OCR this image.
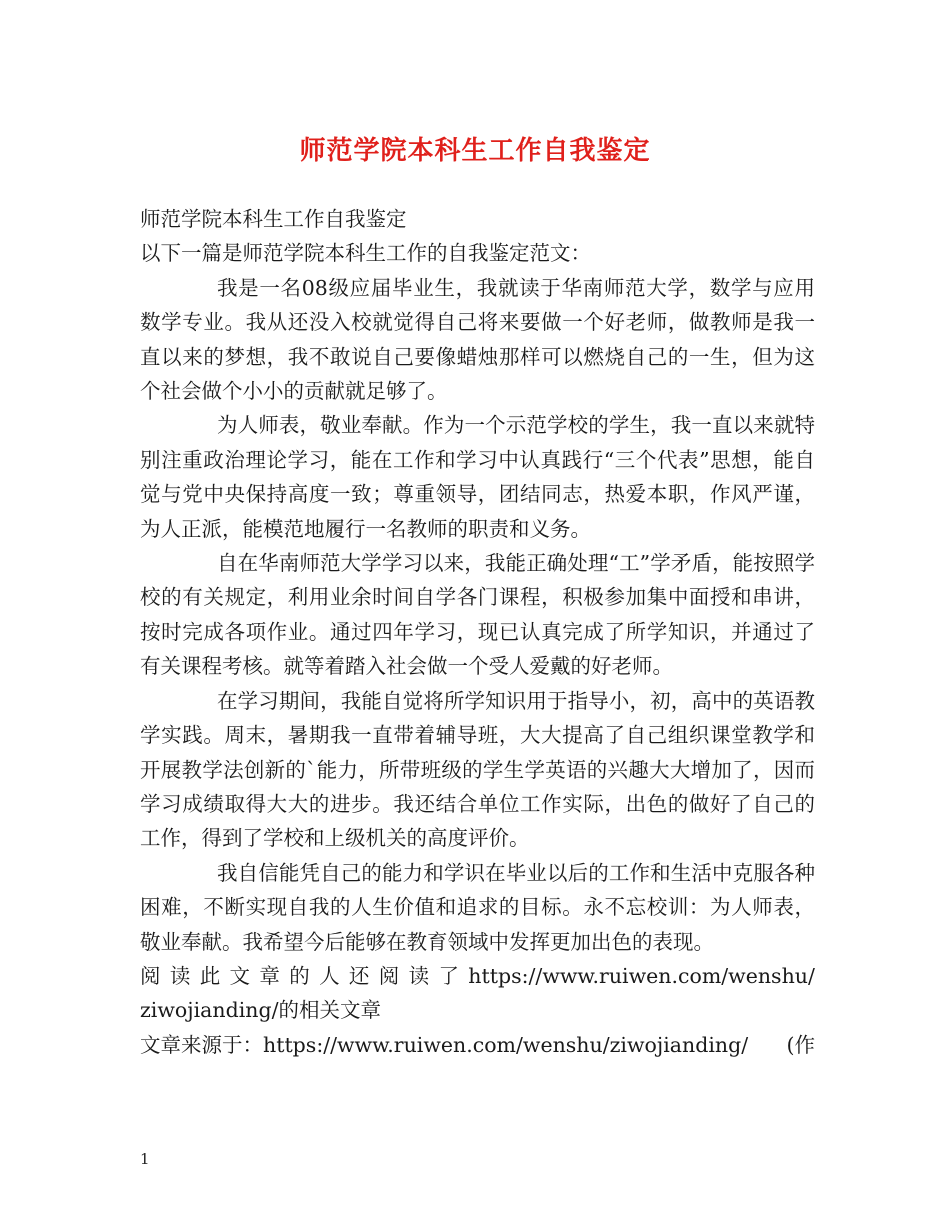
师范学院本科生工作自我鉴定
师范学院本科生工作自我鉴定
以下一篇是师范学院本科生工作的自我鉴定范文：
我是一名08级应届毕业生，我就读于华南师范大学，数学与应用数学专业。我从还没入校就觉得自己将来要做一个好老师，做教师是我一直以来的梦想，我不敢说自己要像蜡烛那样可以燃烧自己的一生，但为这个社会做个小小的贡献就足够了。
为人师表，敬业奉献。作为一个示范学校的学生，我一直以来就特别注重政治理论学习，能在工作和学习中认真践行“三个代表”思想，能自觉与党中央保持高度一致；尊重领导，团结同志，热爱本职，作风严谨，为人正派，能模范地履行一名教师的职责和义务。
自在华南师范大学学习以来，我能正确处理“工”学矛盾，能按照学校的有关规定，利用业余时间自学各门课程，积极参加集中面授和串讲，按时完成各项作业。通过四年学习，现已认真完成了所学知识，并通过了有关课程考核。就等着踏入社会做一个受人爱戴的好老师。
在学习期间，我能自觉将所学知识用于指导小，初，高中的英语教学实践。周末，暑期我一直带着辅导班，大大提高了自己组织课堂教学和开展教学法创新的`能力，所带班级的学生学英语的兴趣大大增加了，因而学习成绩取得大大的进步。我还结合单位工作实际，出色的做好了自己的工作，得到了学校和上级机关的高度评价。
我自信能凭自己的能力和学识在毕业以后的工作和生活中克服各种困难，不断实现自我的人生价值和追求的目标。永不忘校训：为人师表，敬业奉献。我希望今后能够在教育领域中发挥更加出色的表现。
阅 读 此 文 章 的 人 还 阅 读 了 https://www.ruiwen.com/wenshu/
ziwojianding/的相关文章
文章来源于：https://www.ruiwen.com/wenshu/ziwojianding/ (作
1
